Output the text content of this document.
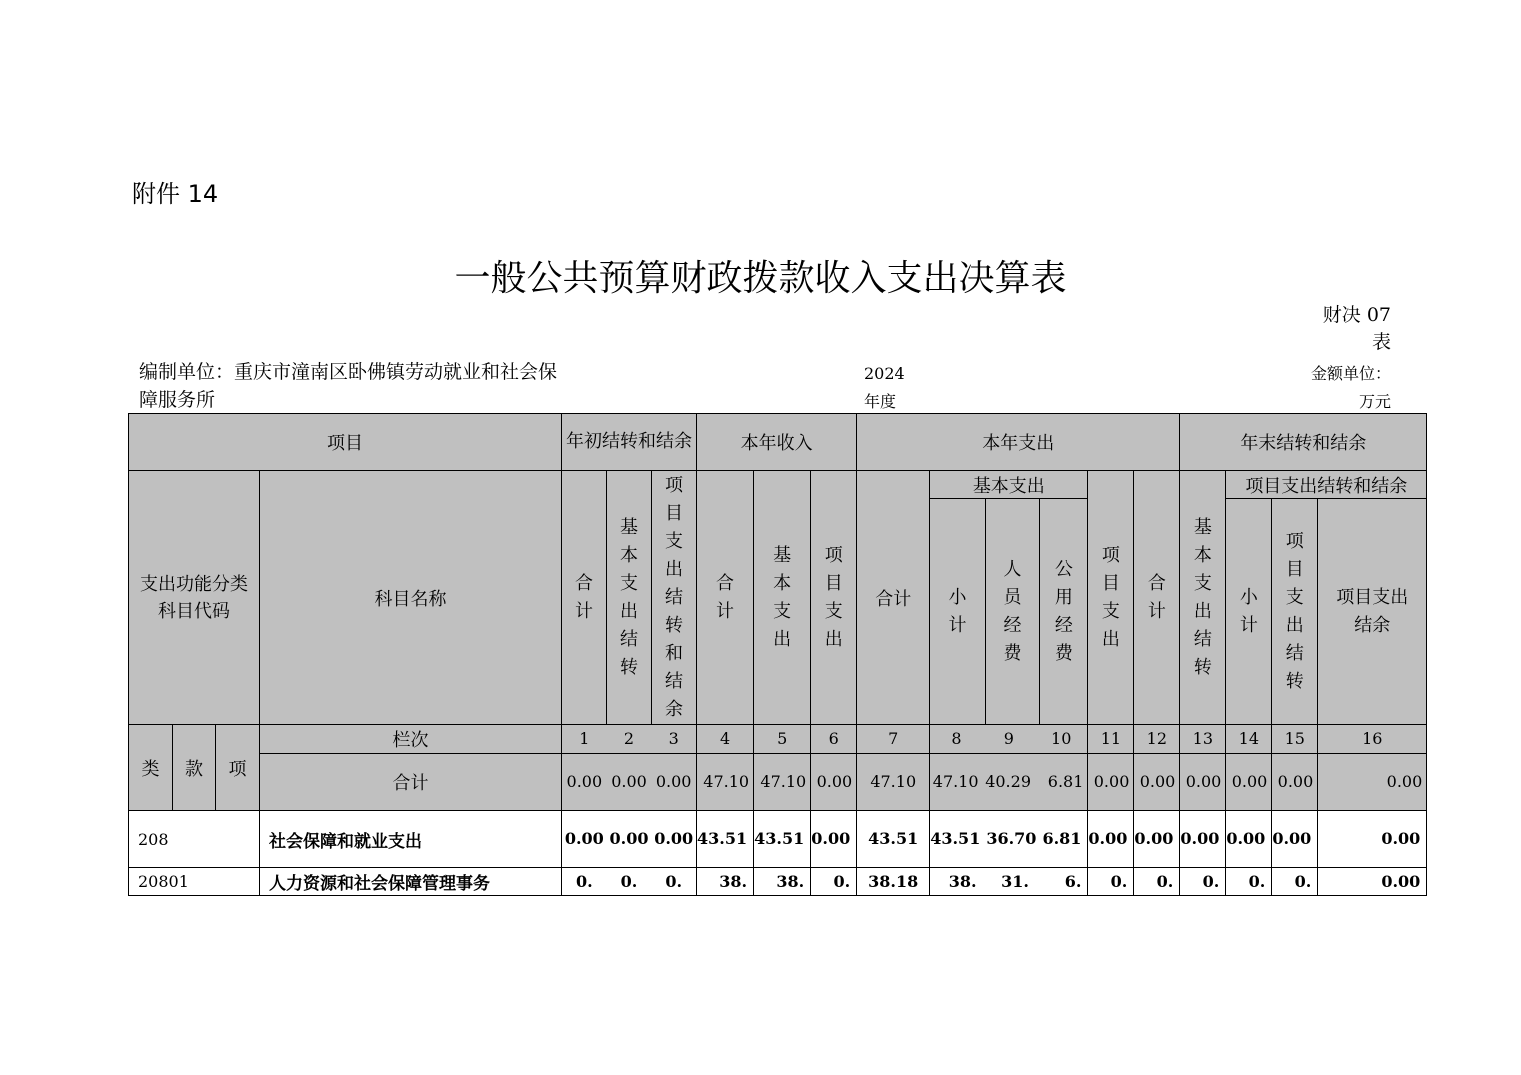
附件 14
一般公共预算财政拨款收入支出决算表
财决 07
表
编制单位：重庆市潼南区卧佛镇劳动就业和社会保障服务所
2024
年度
金额单位：
万元
项目				年初结转和结余			本年收入			本年支出						年末结转和结余			
支出功能分类科目代码			科目名称	合计	基本支出结转	项目支出结转和结余	合计	基本支出	项目支出	合计	基本支出			项目支出	合计	基本支出结转	项目支出结转和结余		
											小计	人员经费	公用经费				小计	项目支出结转	项目支出结余
类	款	项	栏次	1 2 3			4	5	6	7	8 9 10			11	12	13	14	15	16
			合计	0.00 0.00 0.00			47.10	47.10	0.00	47.10	47.10 40.29 6.81			0.00	0.00	0.00	0.00	0.00	0.00
208			社会保障和就业支出	0.00 0.00 0.00			43.51	43.51	0.00	43.51	43.51 36.70 6.81			0.00	0.00	0.00	0.00	0.00	0.00
20801			人力资源和社会保障管理事务	0. 0. 0.			38.	38.	0.	38.18	38. 31. 6.			0.	0.	0.	0.	0.	0.00
